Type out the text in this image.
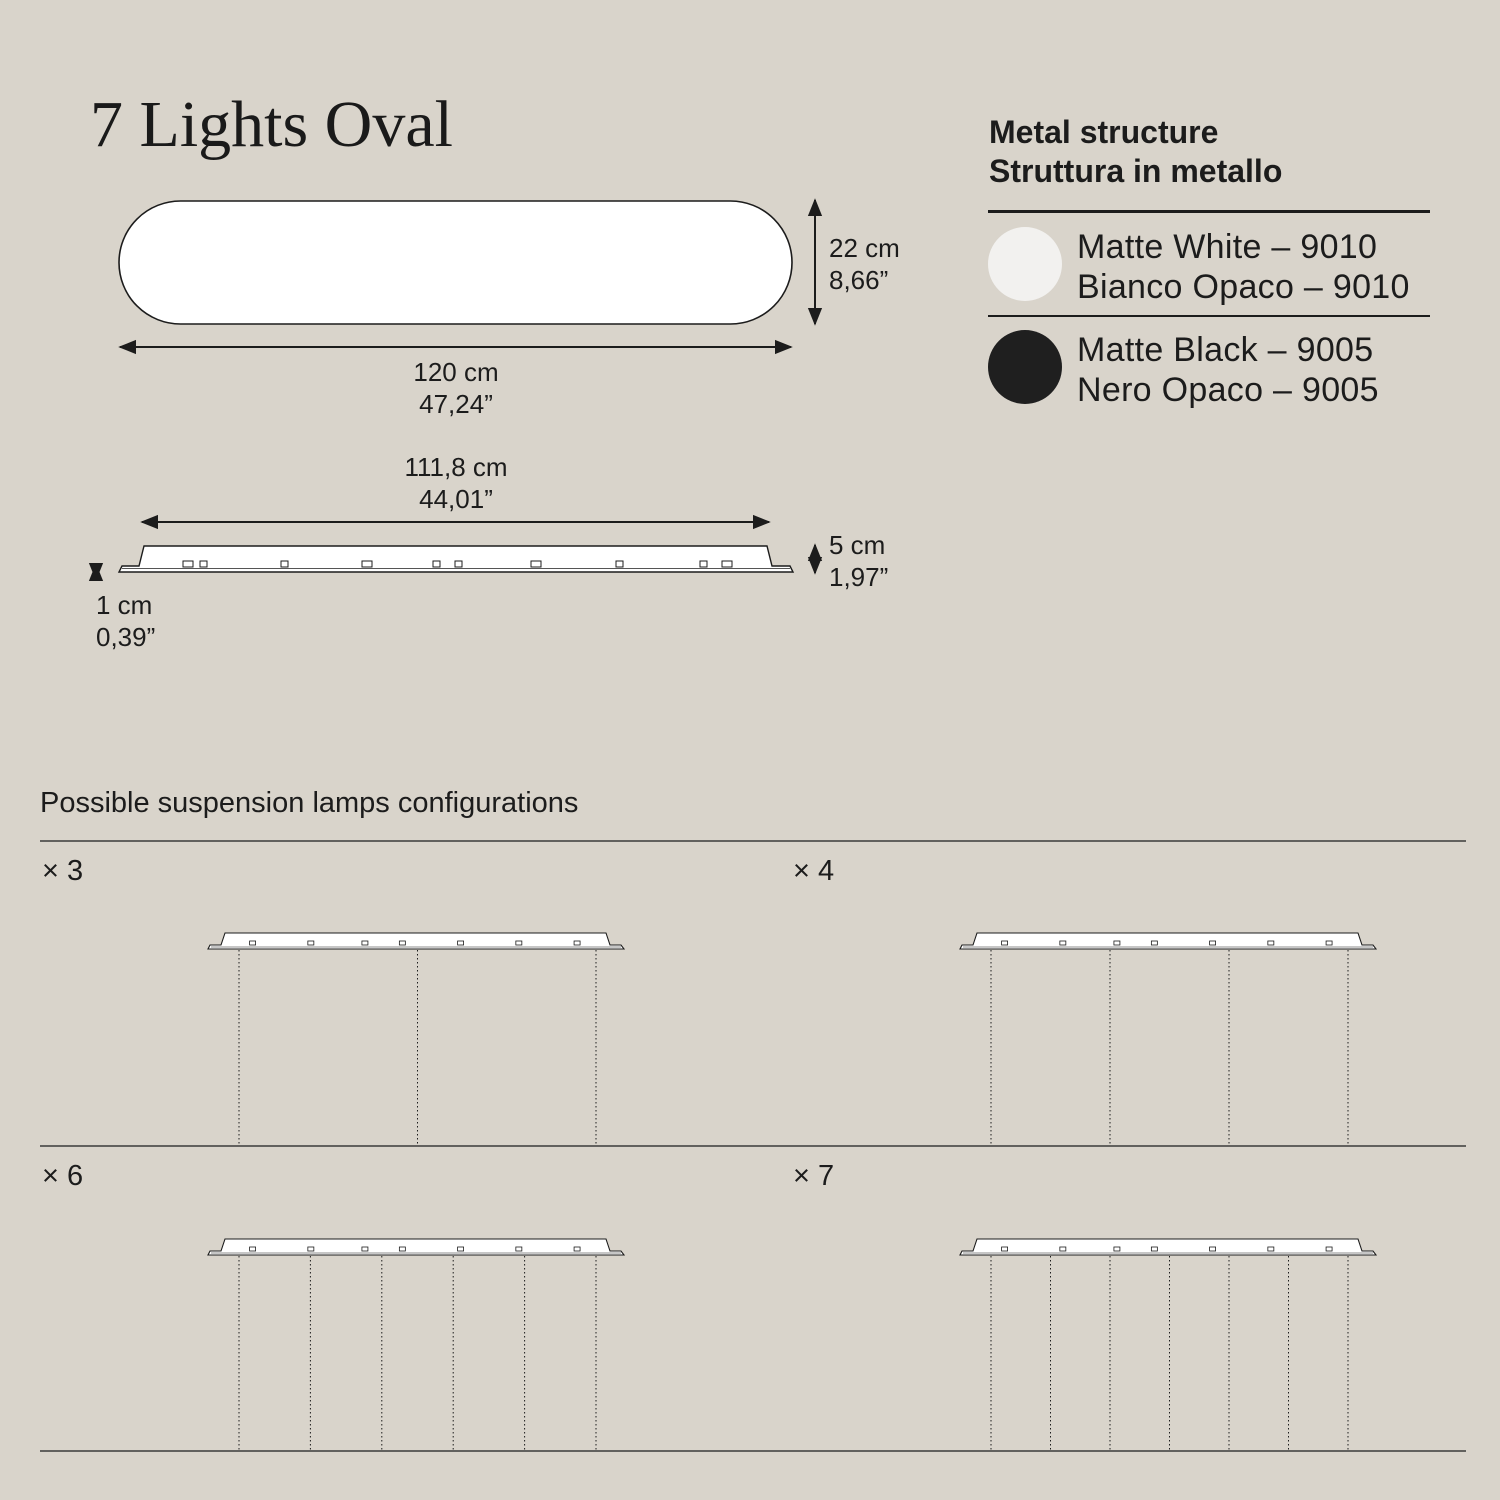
7 Lights Oval
120 cm
47,24”
22 cm
8,66”
111,8 cm
44,01”
5 cm
1,97”
1 cm
0,39”
Metal structure
Struttura in metallo
Matte White – 9010
Bianco Opaco – 9010
Matte Black – 9005
Nero Opaco – 9005
Possible suspension lamps configurations
× 3	× 4
× 6	× 7
